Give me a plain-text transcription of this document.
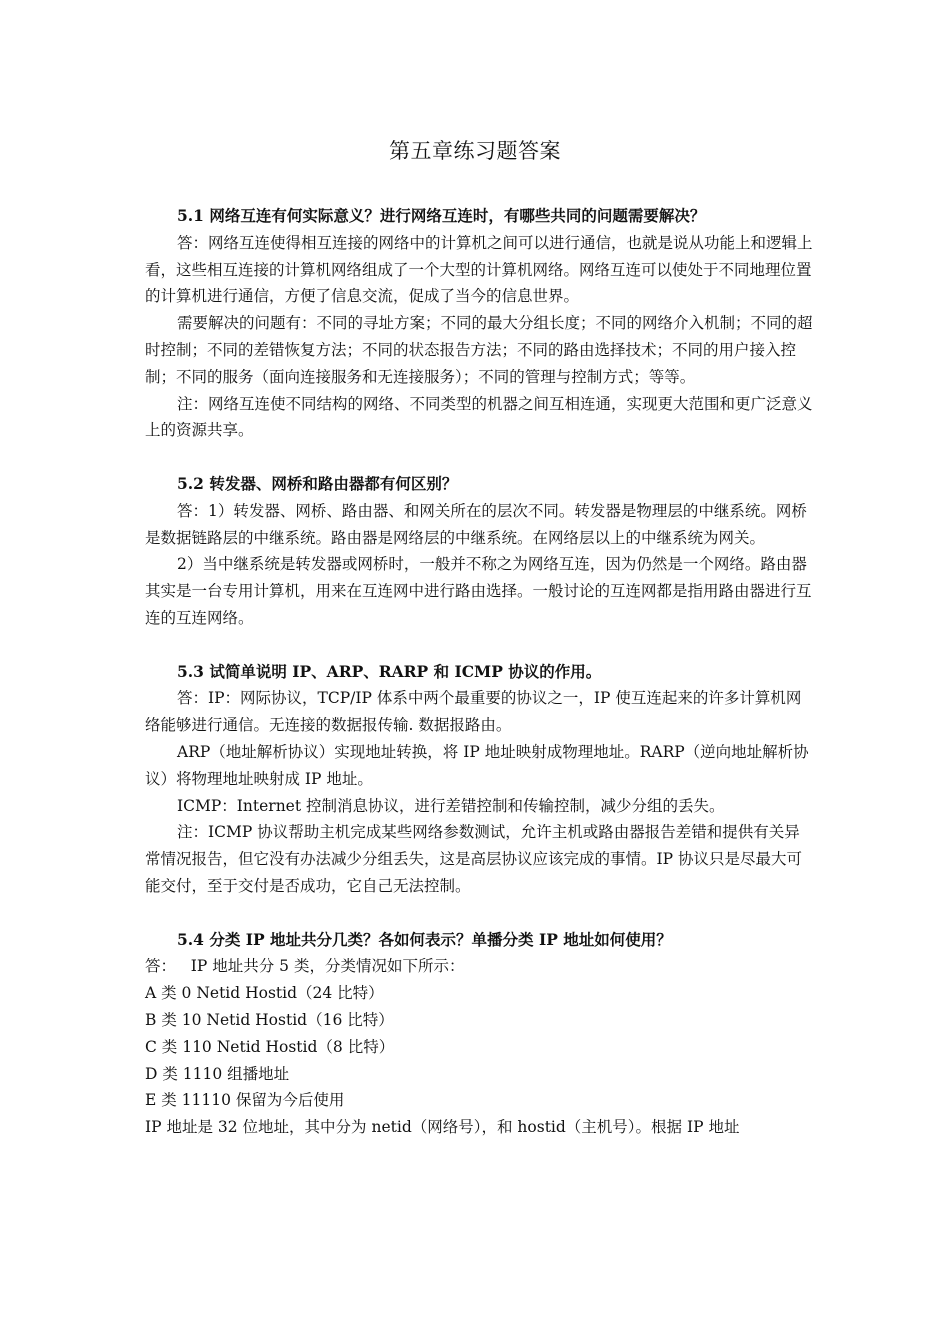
第五章练习题答案

5.1 网络互连有何实际意义？进行网络互连时，有哪些共同的问题需要解决？

答：网络互连使得相互连接的网络中的计算机之间可以进行通信，也就是说从功能上和逻辑上看，这些相互连接的计算机网络组成了一个大型的计算机网络。网络互连可以使处于不同地理位置的计算机进行通信，方便了信息交流，促成了当今的信息世界。

需要解决的问题有：不同的寻址方案；不同的最大分组长度；不同的网络介入机制；不同的超时控制；不同的差错恢复方法；不同的状态报告方法；不同的路由选择技术；不同的用户接入控制；不同的服务（面向连接服务和无连接服务）；不同的管理与控制方式；等等。

注：网络互连使不同结构的网络、不同类型的机器之间互相连通，实现更大范围和更广泛意义上的资源共享。

5.2 转发器、网桥和路由器都有何区别？

答：1）转发器、网桥、路由器、和网关所在的层次不同。转发器是物理层的中继系统。网桥是数据链路层的中继系统。路由器是网络层的中继系统。在网络层以上的中继系统为网关。

2）当中继系统是转发器或网桥时，一般并不称之为网络互连，因为仍然是一个网络。路由器其实是一台专用计算机，用来在互连网中进行路由选择。一般讨论的互连网都是指用路由器进行互连的互连网络。

5.3 试简单说明 IP、ARP、RARP 和 ICMP 协议的作用。

答：IP：网际协议，TCP/IP 体系中两个最重要的协议之一，IP 使互连起来的许多计算机网络能够进行通信。无连接的数据报传输. 数据报路由。

ARP（地址解析协议）实现地址转换，将 IP 地址映射成物理地址。RARP（逆向地址解析协议）将物理地址映射成 IP 地址。

ICMP：Internet 控制消息协议，进行差错控制和传输控制，减少分组的丢失。

注：ICMP 协议帮助主机完成某些网络参数测试，允许主机或路由器报告差错和提供有关异常情况报告，但它没有办法减少分组丢失，这是高层协议应该完成的事情。IP 协议只是尽最大可能交付，至于交付是否成功，它自己无法控制。

5.4 分类 IP 地址共分几类？各如何表示？单播分类 IP 地址如何使用？

答：   IP 地址共分 5 类，分类情况如下所示：

A 类 0 Netid Hostid（24 比特）

B 类 10 Netid Hostid（16 比特）

C 类 110 Netid Hostid（8 比特）

D 类 1110 组播地址

E 类 11110 保留为今后使用

IP 地址是 32 位地址，其中分为 netid（网络号），和 hostid（主机号）。根据 IP 地址
